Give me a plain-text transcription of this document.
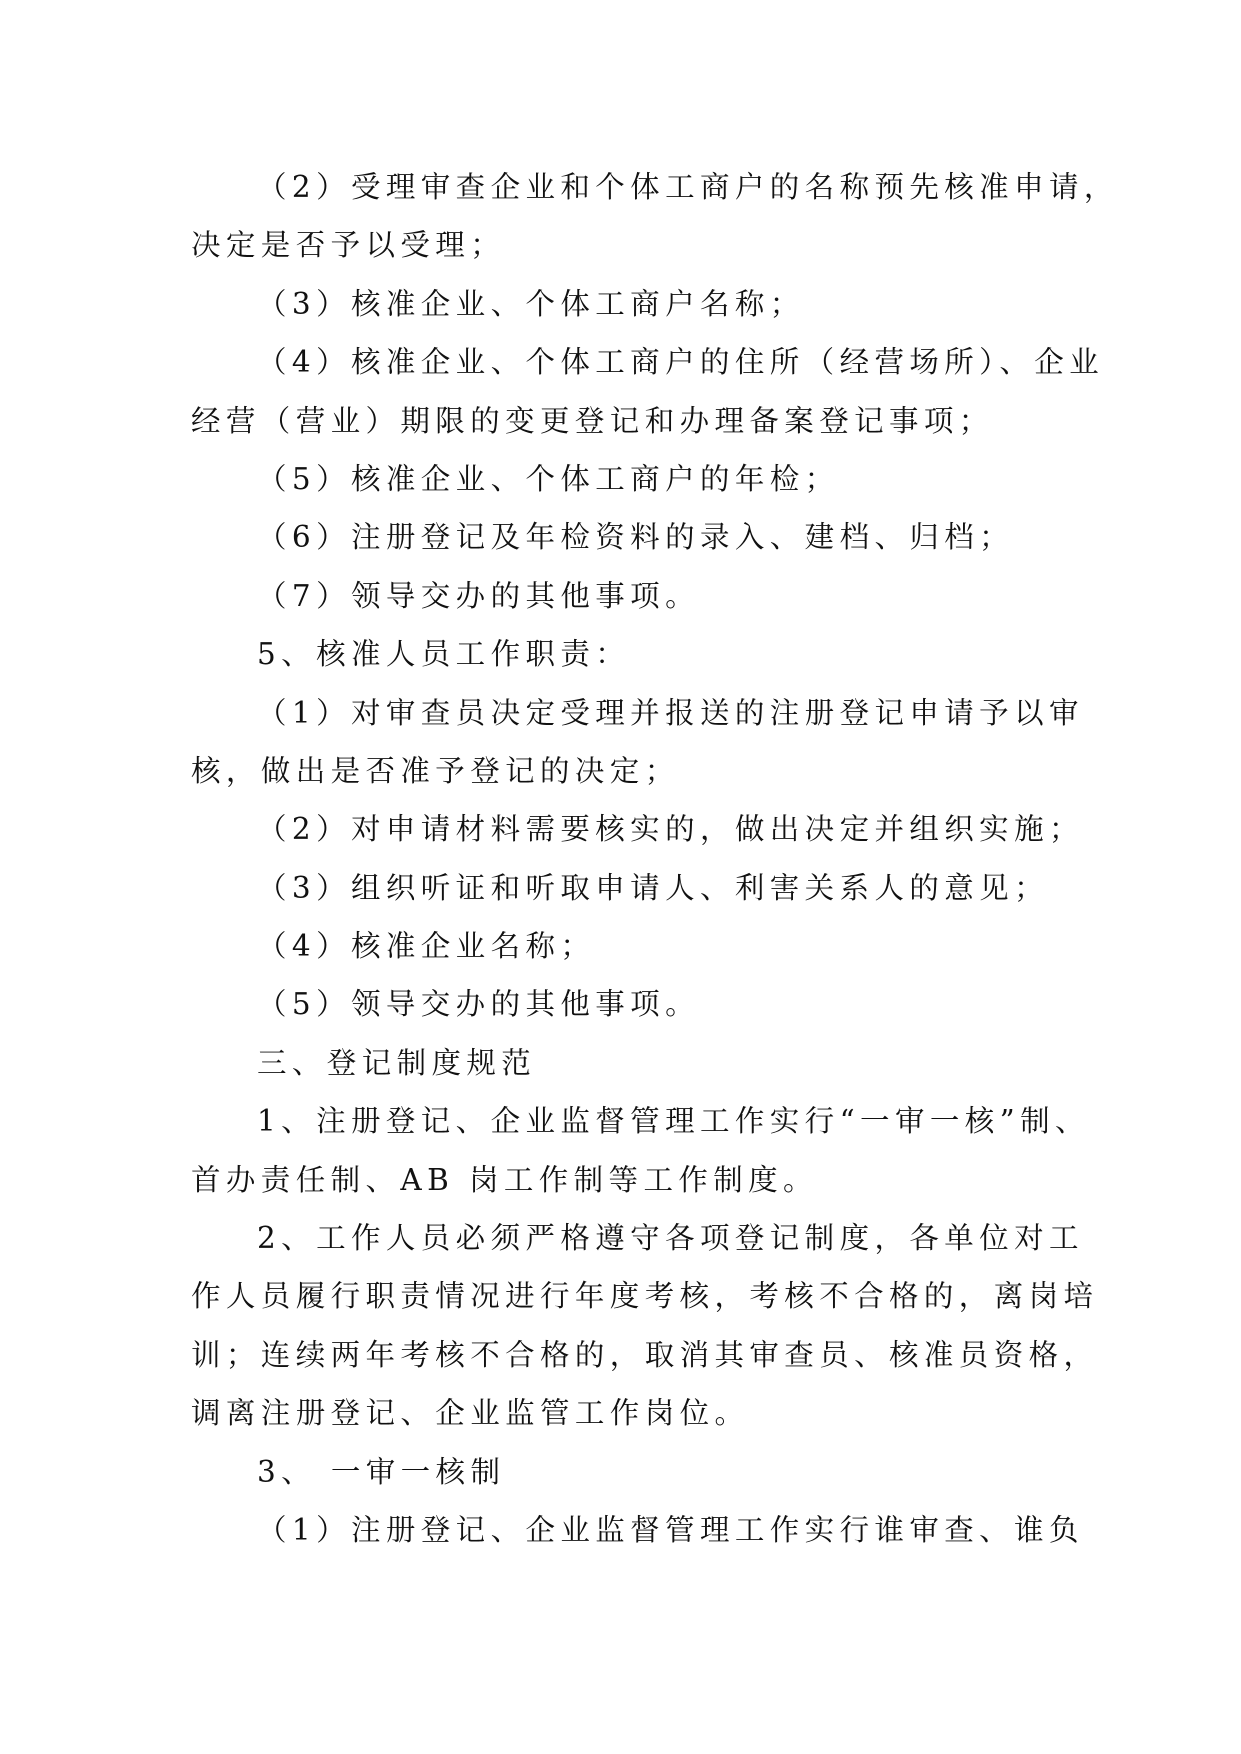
（2）受理审查企业和个体工商户的名称预先核准申请，
决定是否予以受理；
（3）核准企业、个体工商户名称；
（4）核准企业、个体工商户的住所（经营场所）、企业
经营（营业）期限的变更登记和办理备案登记事项；
（5）核准企业、个体工商户的年检；
（6）注册登记及年检资料的录入、建档、归档；
（7）领导交办的其他事项。
5、核准人员工作职责：
（1）对审查员决定受理并报送的注册登记申请予以审
核，做出是否准予登记的决定；
（2）对申请材料需要核实的，做出决定并组织实施；
（3）组织听证和听取申请人、利害关系人的意见；
（4）核准企业名称；
（5）领导交办的其他事项。
三、登记制度规范
1、注册登记、企业监督管理工作实行“一审一核”制、
首办责任制、AB 岗工作制等工作制度。
2、工作人员必须严格遵守各项登记制度，各单位对工
作人员履行职责情况进行年度考核，考核不合格的，离岗培
训；连续两年考核不合格的，取消其审查员、核准员资格，
调离注册登记、企业监管工作岗位。
3、 一审一核制
（1）注册登记、企业监督管理工作实行谁审查、谁负
